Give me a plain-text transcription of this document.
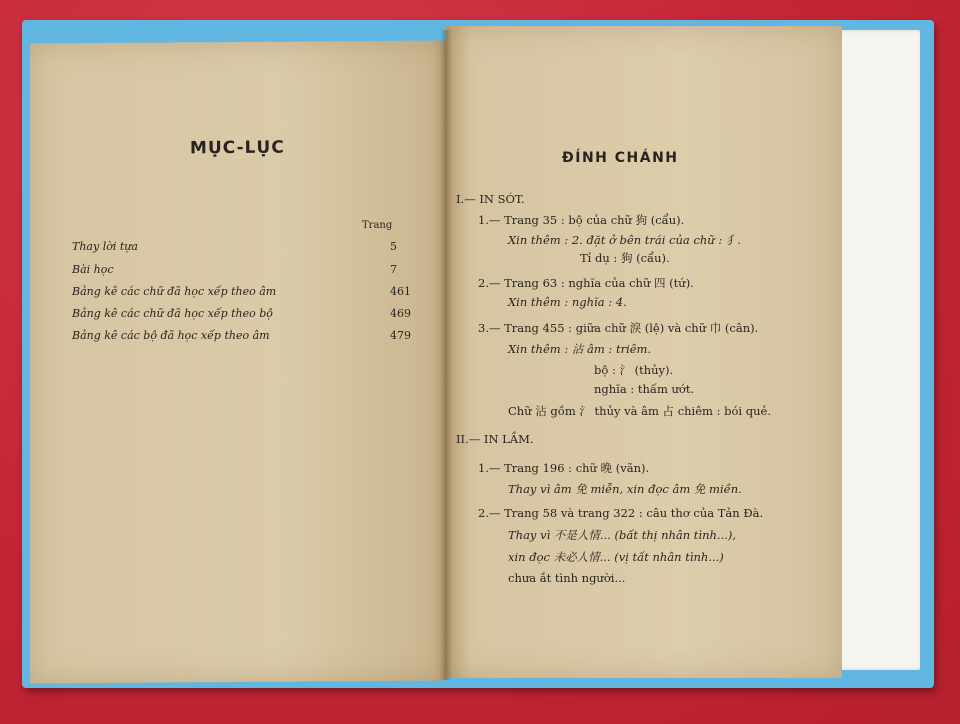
MỤC-LỤC
Trang
Thay lời tựa	5
Bài học	7
Bảng kê các chữ đã học xếp theo âm	461
Bảng kê các chữ đã học xếp theo bộ	469
Bảng kê các bộ đã học xếp theo âm	479
ĐÍNH CHÁNH
I.— IN SÓT.
1.— Trang 35 : bộ của chữ 狗 (cẩu).
Xin thêm : 2. đặt ở bên trái của chữ : 犭.
Tỉ dụ : 狗 (cẩu).
2.— Trang 63 : nghĩa của chữ 四 (tứ).
Xin thêm : nghĩa : 4.
3.— Trang 455 : giữa chữ 淚 (lệ) và chữ 巾 (cân).
Xin thêm : 沾 âm : triêm.
bộ : 氵 (thủy).
nghĩa : thấm ướt.
Chữ 沾 gồm 氵 thủy và âm 占 chiêm : bói quẻ.
II.— IN LẦM.
1.— Trang 196 : chữ 晚 (vãn).
Thay vì âm 免 miễn, xin đọc âm 免 miền.
2.— Trang 58 và trang 322 : câu thơ của Tản Đà.
Thay vì 不是人情... (bất thị nhân tình...),
xin đọc 未必人情... (vị tất nhân tình...)
chưa ắt tình người...
